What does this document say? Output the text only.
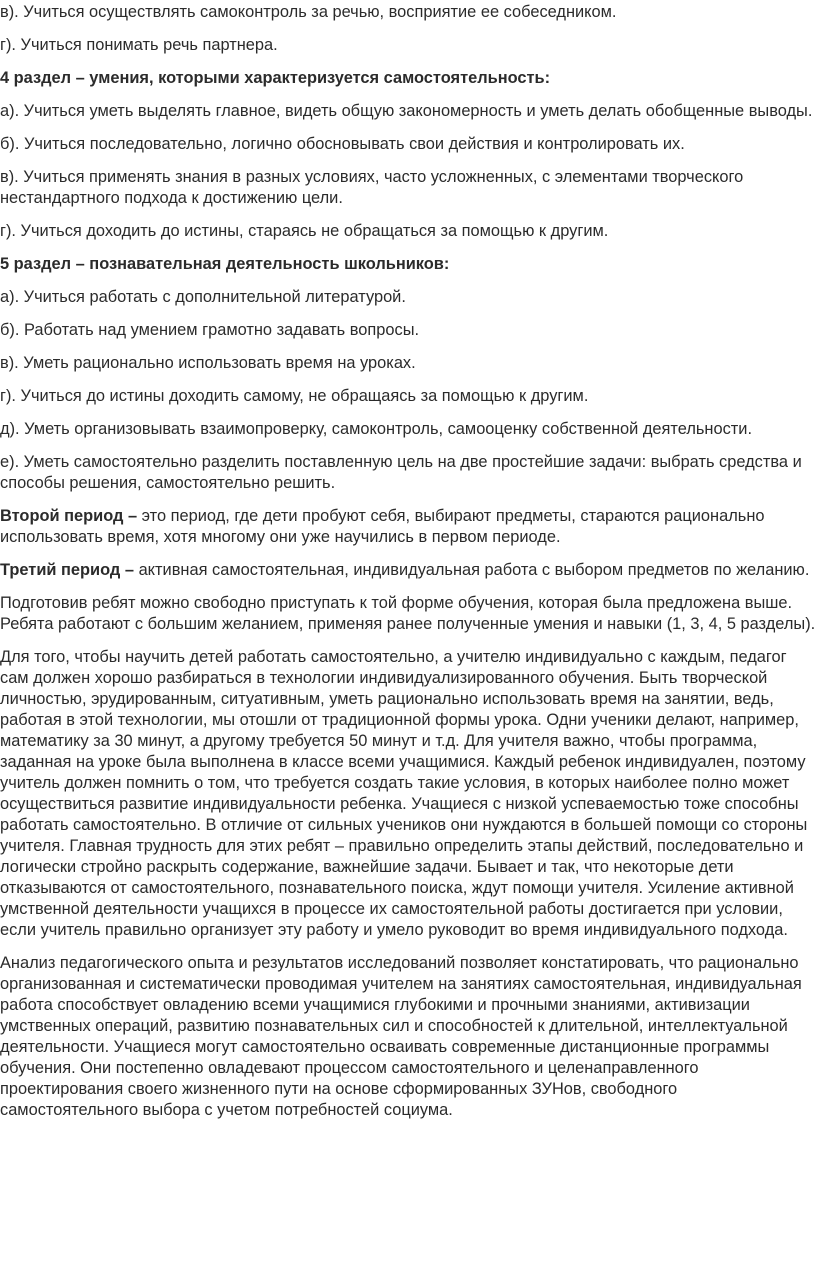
в). Учиться осуществлять самоконтроль за речью, восприятие ее собеседником.

г). Учиться понимать речь партнера.

4 раздел – умения, которыми характеризуется самостоятельность:

а). Учиться уметь выделять главное, видеть общую закономерность и уметь делать обобщенные выводы.

б). Учиться последовательно, логично обосновывать свои действия и контролировать их.

в). Учиться применять знания в разных условиях, часто усложненных, с элементами творческого нестандартного подхода к достижению цели.

г). Учиться доходить до истины, стараясь не обращаться за помощью к другим.

5 раздел – познавательная деятельность школьников:

а). Учиться работать с дополнительной литературой.

б). Работать над умением грамотно задавать вопросы.

в). Уметь рационально использовать время на уроках.

г). Учиться до истины доходить самому, не обращаясь за помощью к другим.

д). Уметь организовывать взаимопроверку, самоконтроль, самооценку собственной деятельности.

е). Уметь самостоятельно разделить поставленную цель на две простейшие задачи: выбрать средства и способы решения, самостоятельно решить.

Второй период – это период, где дети пробуют себя, выбирают предметы, стараются рационально использовать время, хотя многому они уже научились в первом периоде.

Третий период – активная самостоятельная, индивидуальная работа с выбором предметов по желанию.

Подготовив ребят можно свободно приступать к той форме обучения, которая была предложена выше. Ребята работают с большим желанием, применяя ранее полученные умения и навыки (1, 3, 4, 5 разделы).

Для того, чтобы научить детей работать самостоятельно, а учителю индивидуально с каждым, педагог сам должен хорошо разбираться в технологии индивидуализированного обучения. Быть творческой личностью, эрудированным, ситуативным, уметь рационально использовать время на занятии, ведь, работая в этой технологии, мы отошли от традиционной формы урока. Одни ученики делают, например, математику за 30 минут, а другому требуется 50 минут и т.д. Для учителя важно, чтобы программа, заданная на уроке была выполнена в классе всеми учащимися. Каждый ребенок индивидуален, поэтому учитель должен помнить о том, что требуется создать такие условия, в которых наиболее полно может осуществиться развитие индивидуальности ребенка. Учащиеся с низкой успеваемостью тоже способны работать самостоятельно. В отличие от сильных учеников они нуждаются в большей помощи со стороны учителя. Главная трудность для этих ребят – правильно определить этапы действий, последовательно и логически стройно раскрыть содержание, важнейшие задачи. Бывает и так, что некоторые дети отказываются от самостоятельного, познавательного поиска, ждут помощи учителя. Усиление активной умственной деятельности учащихся в процессе их самостоятельной работы достигается при условии, если учитель правильно организует эту работу и умело руководит во время индивидуального подхода.

Анализ педагогического опыта и результатов исследований позволяет констатировать, что рационально организованная и систематически проводимая учителем на занятиях самостоятельная, индивидуальная работа способствует овладению всеми учащимися глубокими и прочными знаниями, активизации умственных операций, развитию познавательных сил и способностей к длительной, интеллектуальной деятельности. Учащиеся могут самостоятельно осваивать современные дистанционные программы обучения. Они постепенно овладевают процессом самостоятельного и целенаправленного проектирования своего жизненного пути на основе сформированных ЗУНов, свободного самостоятельного выбора с учетом потребностей социума.
